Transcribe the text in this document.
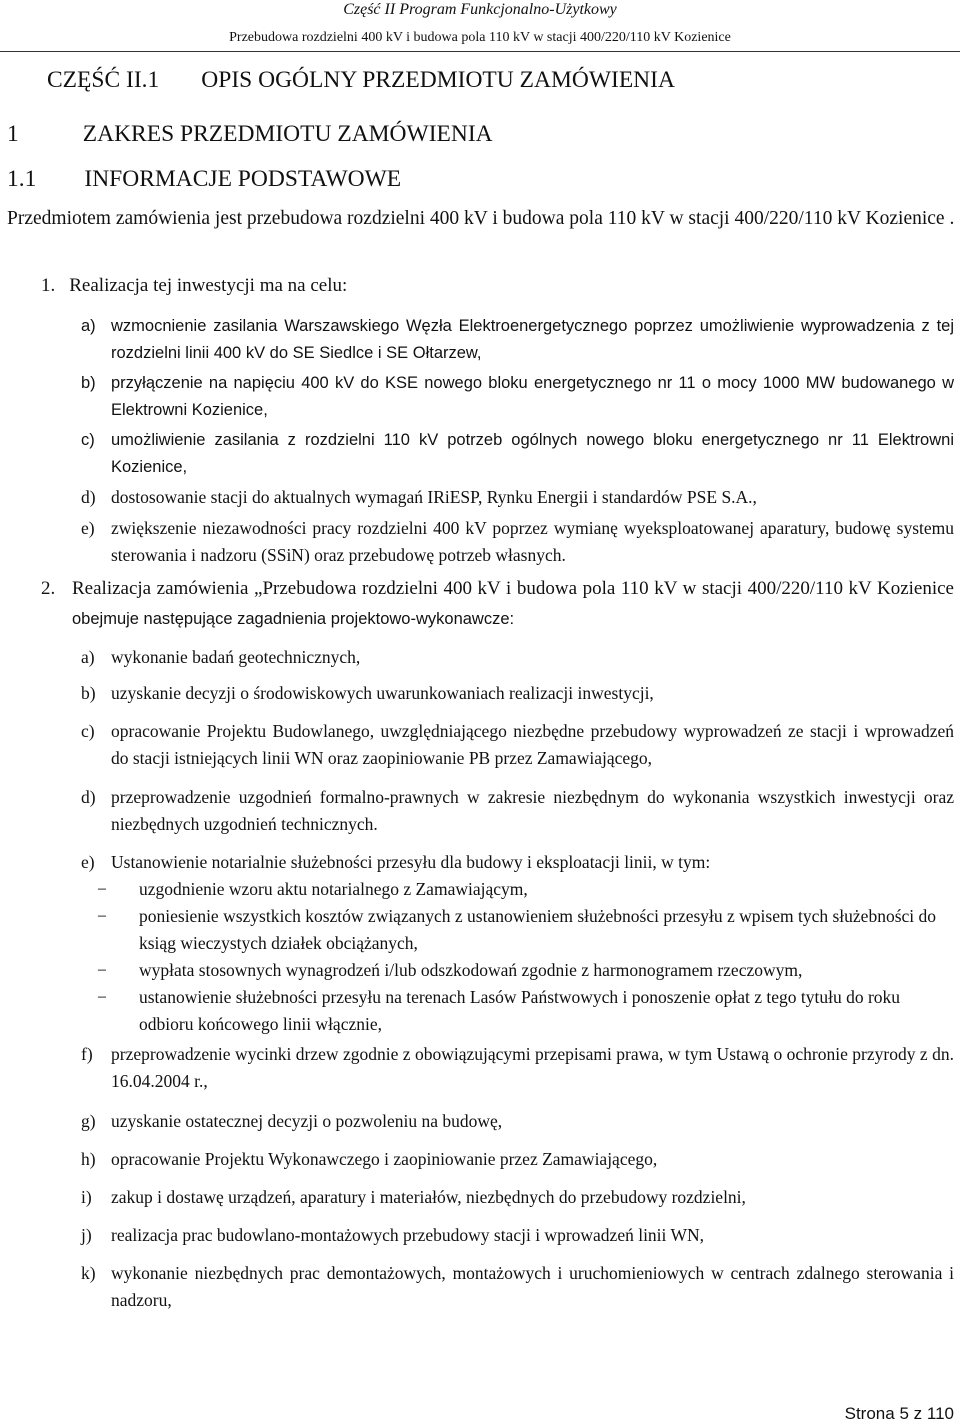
Część II Program Funkcjonalno-Użytkowy
Przebudowa rozdzielni 400 kV i budowa pola 110 kV w stacji 400/220/110 kV Kozienice
CZĘŚĆ II.1 OPIS OGÓLNY PRZEDMIOTU ZAMÓWIENIA
1	ZAKRES PRZEDMIOTU ZAMÓWIENIA
1.1 INFORMACJE PODSTAWOWE
Przedmiotem zamówienia jest przebudowa rozdzielni 400 kV i budowa pola 110 kV w stacji 400/220/110 kV Kozienice .
1. Realizacja tej inwestycji ma na celu:
a) wzmocnienie zasilania Warszawskiego Węzła Elektroenergetycznego poprzez umożliwienie wyprowadzenia z tej rozdzielni linii 400 kV do SE Siedlce i SE Ołtarzew,
b) przyłączenie na napięciu 400 kV do KSE nowego bloku energetycznego nr 11 o mocy 1000 MW budowanego w Elektrowni Kozienice,
c) umożliwienie zasilania z rozdzielni 110 kV potrzeb ogólnych nowego bloku energetycznego nr 11 Elektrowni Kozienice,
d) dostosowanie stacji do aktualnych wymagań IRiESP, Rynku Energii i standardów PSE S.A.,
e) zwiększenie niezawodności pracy rozdzielni 400 kV poprzez wymianę wyeksploatowanej aparatury, budowę systemu sterowania i nadzoru (SSiN) oraz przebudowę potrzeb własnych.
2. Realizacja zamówienia „Przebudowa rozdzielni 400 kV i budowa pola 110 kV w stacji 400/220/110 kV Kozienice obejmuje następujące zagadnienia projektowo-wykonawcze:
a) wykonanie badań geotechnicznych,
b) uzyskanie decyzji o środowiskowych uwarunkowaniach realizacji inwestycji,
c) opracowanie Projektu Budowlanego, uwzględniającego niezbędne przebudowy wyprowadzeń ze stacji i wprowadzeń do stacji istniejących linii WN oraz zaopiniowanie PB przez Zamawiającego,
d) przeprowadzenie uzgodnień formalno-prawnych w zakresie niezbędnym do wykonania wszystkich inwestycji oraz niezbędnych uzgodnień technicznych.
e) Ustanowienie notarialnie służebności przesyłu dla budowy i eksploatacji linii, w tym:
− uzgodnienie wzoru aktu notarialnego z Zamawiającym,
− poniesienie wszystkich kosztów związanych z ustanowieniem służebności przesyłu z wpisem tych służebności do ksiąg wieczystych działek obciążanych,
− wypłata stosownych wynagrodzeń i/lub odszkodowań zgodnie z harmonogramem rzeczowym,
− ustanowienie służebności przesyłu na terenach Lasów Państwowych i ponoszenie opłat z tego tytułu do roku odbioru końcowego linii włącznie,
f) przeprowadzenie wycinki drzew zgodnie z obowiązującymi przepisami prawa, w tym Ustawą o ochronie przyrody z dn. 16.04.2004 r.,
g) uzyskanie ostatecznej decyzji o pozwoleniu na budowę,
h) opracowanie Projektu Wykonawczego i zaopiniowanie przez Zamawiającego,
i) zakup i dostawę urządzeń, aparatury i materiałów, niezbędnych do przebudowy rozdzielni,
j) realizacja prac budowlano-montażowych przebudowy stacji i wprowadzeń linii WN,
k) wykonanie niezbędnych prac demontażowych, montażowych i uruchomieniowych w centrach zdalnego sterowania i nadzoru,
Strona 5 z 110
